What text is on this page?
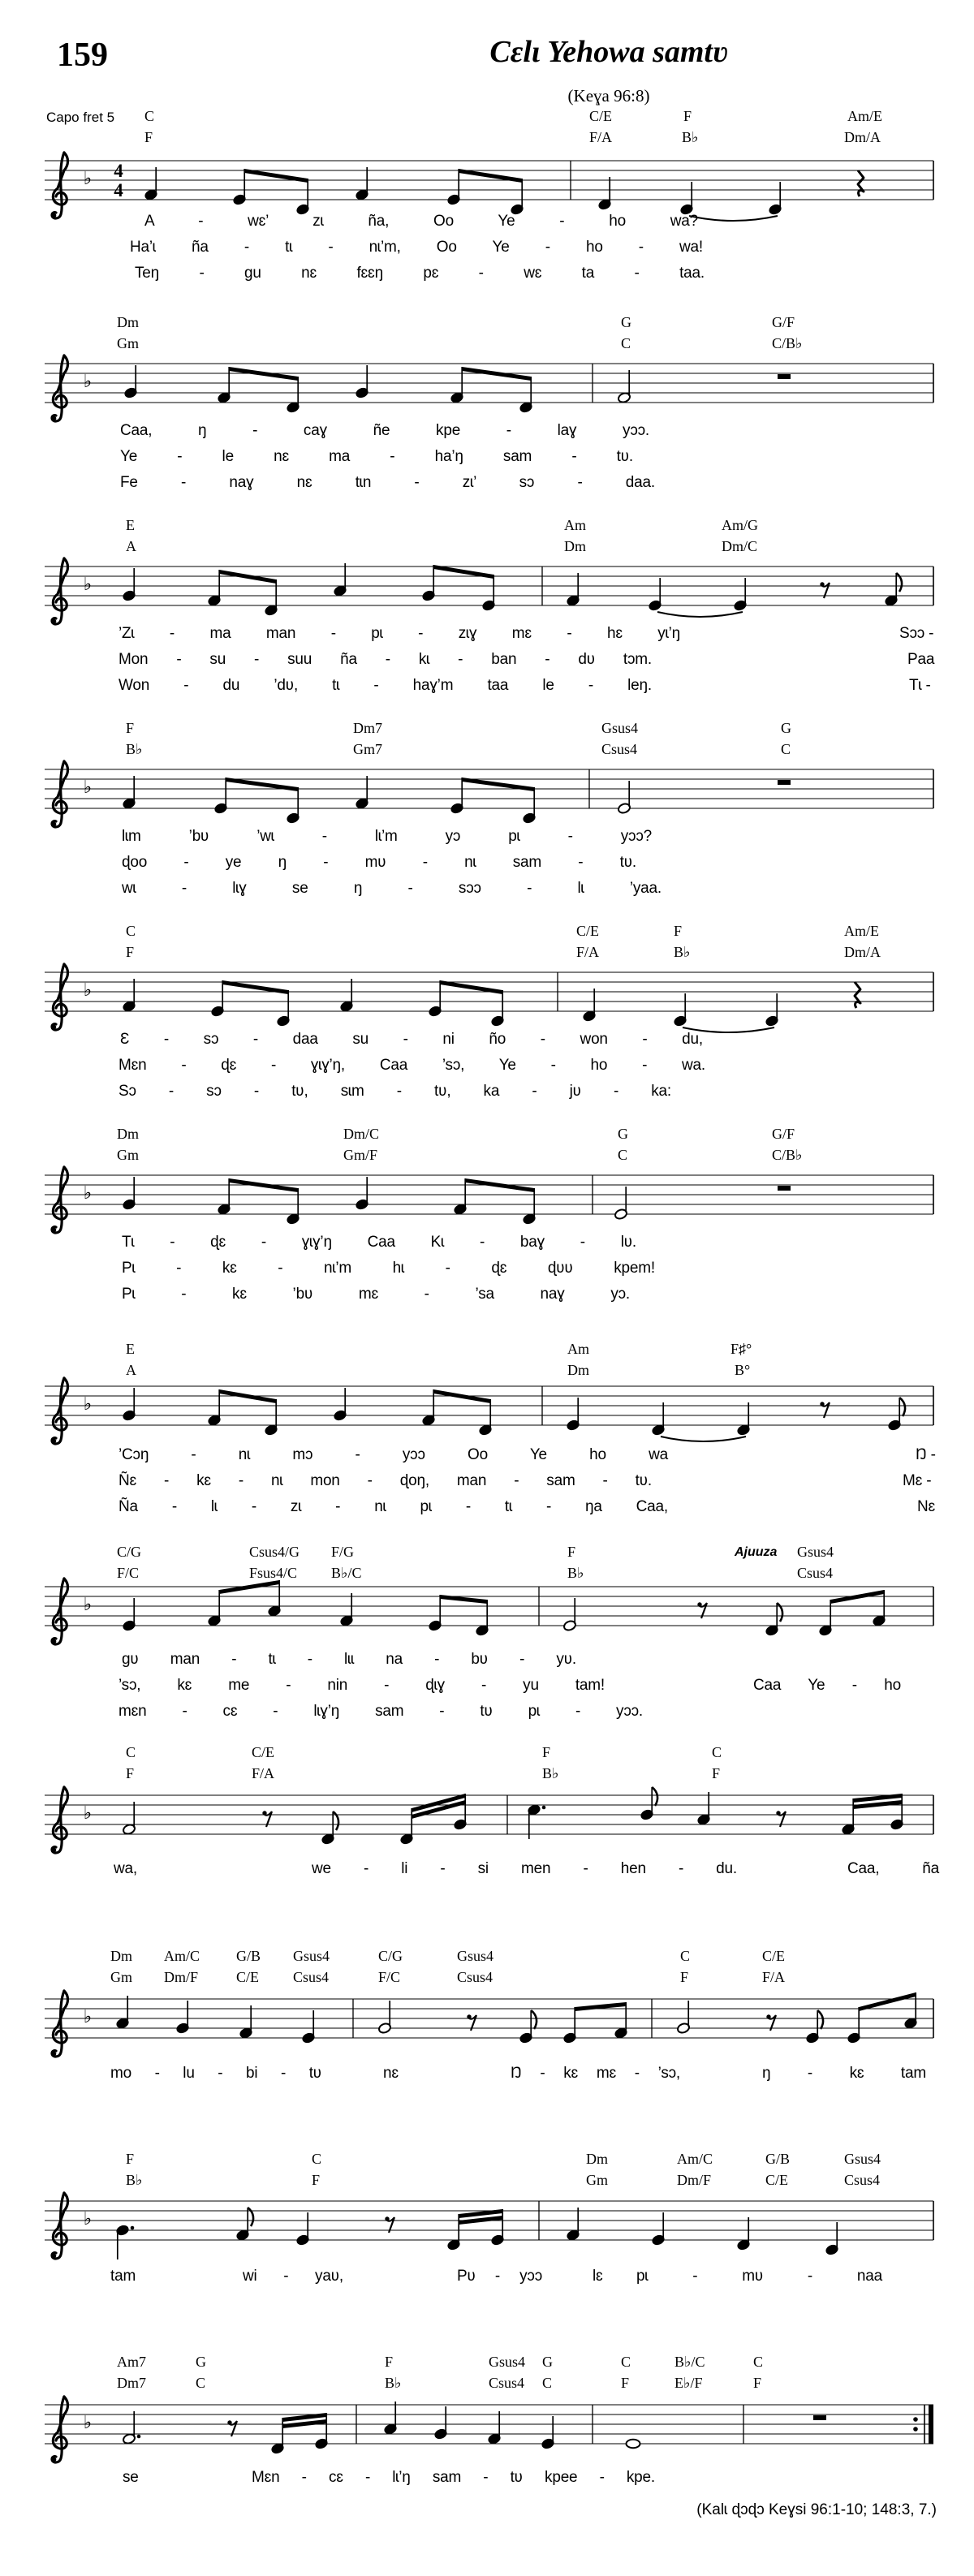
159	Cɛlɩ Yehowa samtʋ
(Keɣa 96:8)
Capo fret 5
(Kalɩ ɖɔɖɔ Keɣsi 96:1-10; 148:3, 7.)
C	C/E	F	Am/E
F	F/A	B♭	Dm/A
♭ 4
4
A - wɛ’ zɩ ña, Oo Ye - ho wa?
Ha’ɩ ña - tɩ - nɩ’m, Oo Ye - ho - wa!
Teŋ - gu nɛ fɛɛŋ pɛ - wɛ ta - taa.
Dm	G	G/F
Gm	C	C/B♭
♭
Caa, ŋ - caɣ ñe kpe - laɣ yɔɔ.
Ye - le nɛ ma - ha’ŋ sam - tʋ.
Fe - naɣ nɛ tɩn - zɩ’ sɔ - daa.
E	Am	Am/G
A	Dm	Dm/C
♭
’Zɩ - ma man - pɩ - zɩɣ mɛ - hɛ yɩ’ŋ	Sɔɔ -
Mon - su - suu ña - kɩ - ban - dʋ tɔm.	Paa
Won - du ’dʋ, tɩ - haɣ’m taa le - leŋ.	Tɩ -
F	Dm7	Gsus4	G
B♭	Gm7	Csus4	C
♭
lɩm ’bʋ ’wɩ - lɩ’m yɔ pɩ - yɔɔ?
ɖoo - ye ŋ - mʋ - nɩ sam - tʋ.
wɩ - lɩɣ se ŋ - sɔɔ - lɩ ’yaa.
C	C/E	F	Am/E
F	F/A	B♭	Dm/A
♭
Ɛ - sɔ - daa su - ni ño - won - du,
Mɛn - ɖɛ - ɣɩɣ’ŋ, Caa ’sɔ, Ye - ho - wa.
Sɔ - sɔ - tʋ, sɩm - tʋ, ka - jʋ - ka:
Dm	Dm/C	G	G/F
Gm	Gm/F	C	C/B♭
♭
Tɩ - ɖɛ - ɣɩɣ’ŋ Caa Kɩ - baɣ - lʋ.
Pɩ - kɛ - nɩ’m hɩ - ɖɛ ɖʋʋ kpem!
Pɩ - kɛ ’bʋ mɛ - ’sa naɣ yɔ.
E	Am	F♯°
A	Dm	B°
♭
’Cɔŋ - nɩ mɔ - yɔɔ Oo Ye ho wa	Ŋ -
Ñɛ - kɛ - nɩ mon - ɖoŋ, man - sam - tʋ.	Mɛ -
Ña - lɩ - zɩ - nɩ pɩ - tɩ - ŋa Caa,	Nɛ
C/G	Csus4/G F/G	F	Gsus4
F/C	Fsus4/C B♭/C	B♭	Csus4
Ajuuza
♭
gʋ man - tɩ - lɩɩ na - bʋ - yʋ.
’sɔ, kɛ me - nin - ɖɩɣ - yu tam!	Caa Ye - ho
mɛn - cɛ - lɩɣ’ŋ sam - tʋ pɩ - yɔɔ.
C	C/E	F	C
F	F/A	B♭	F
♭
wa,	we - li - si men - hen - du.	Caa, ña
Dm Am/C G/B Gsus4	C/G	Gsus4	C	C/E
Gm Dm/F	C/E Csus4	F/C	Csus4	F	F/A
♭
mo - lu - bi - tʋ	nɛ	Ŋ - kɛ mɛ - ’sɔ,	ŋ - kɛ tam
F	C	Dm	Am/C	G/B	Gsus4
B♭	F	Gm	Dm/F	C/E	Csus4
♭
tam	wi - yaʋ,	Pʋ - yɔɔ	lɛ pɩ - mʋ - naa
Am7	G	F	Gsus4 G	C	B♭/C	C
Dm7	C	B♭	Csus4 C	F	E♭/F	F
♭
se	Mɛn - cɛ - lɩ’ŋ sam - tʋ kpee - kpe.
